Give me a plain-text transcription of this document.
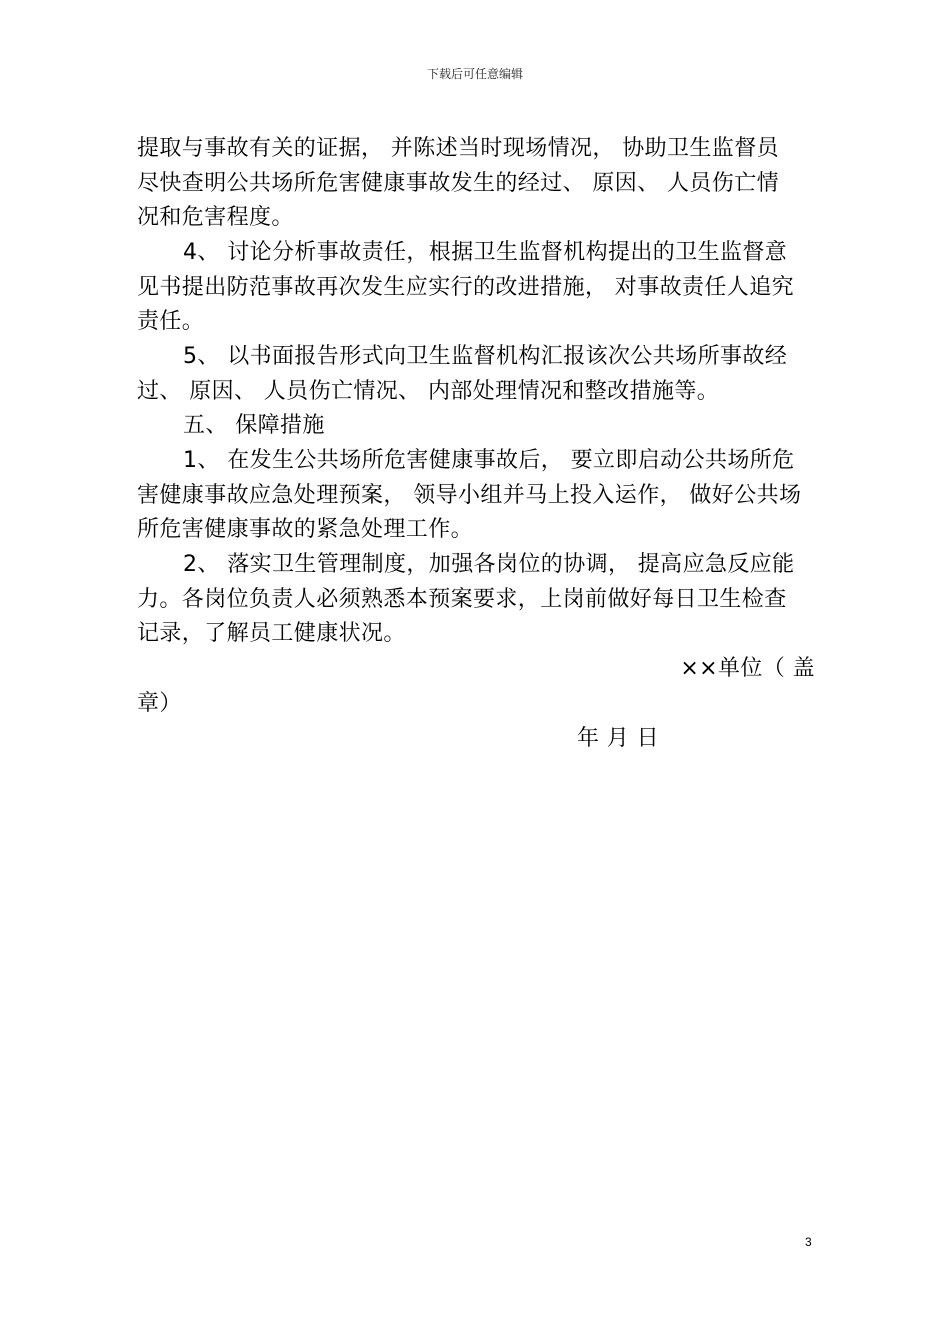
下载后可任意编辑
提取与事故有关的证据， 并陈述当时现场情况， 协助卫生监督员
尽快查明公共场所危害健康事故发生的经过、 原因、 人员伤亡情
况和危害程度。
4、 讨论分析事故责任，根据卫生监督机构提出的卫生监督意
见书提出防范事故再次发生应实行的改进措施， 对事故责任人追究
责任。
5、 以书面报告形式向卫生监督机构汇报该次公共场所事故经
过、 原因、 人员伤亡情况、 内部处理情况和整改措施等。
五、 保障措施
1、 在发生公共场所危害健康事故后， 要立即启动公共场所危
害健康事故应急处理预案， 领导小组并马上投入运作， 做好公共场
所危害健康事故的紧急处理工作。
2、 落实卫生管理制度，加强各岗位的协调， 提高应急反应能
力。各岗位负责人必须熟悉本预案要求，上岗前做好每日卫生检查
记录，了解员工健康状况。
××单位（ 盖
章）
年 月 日
3
